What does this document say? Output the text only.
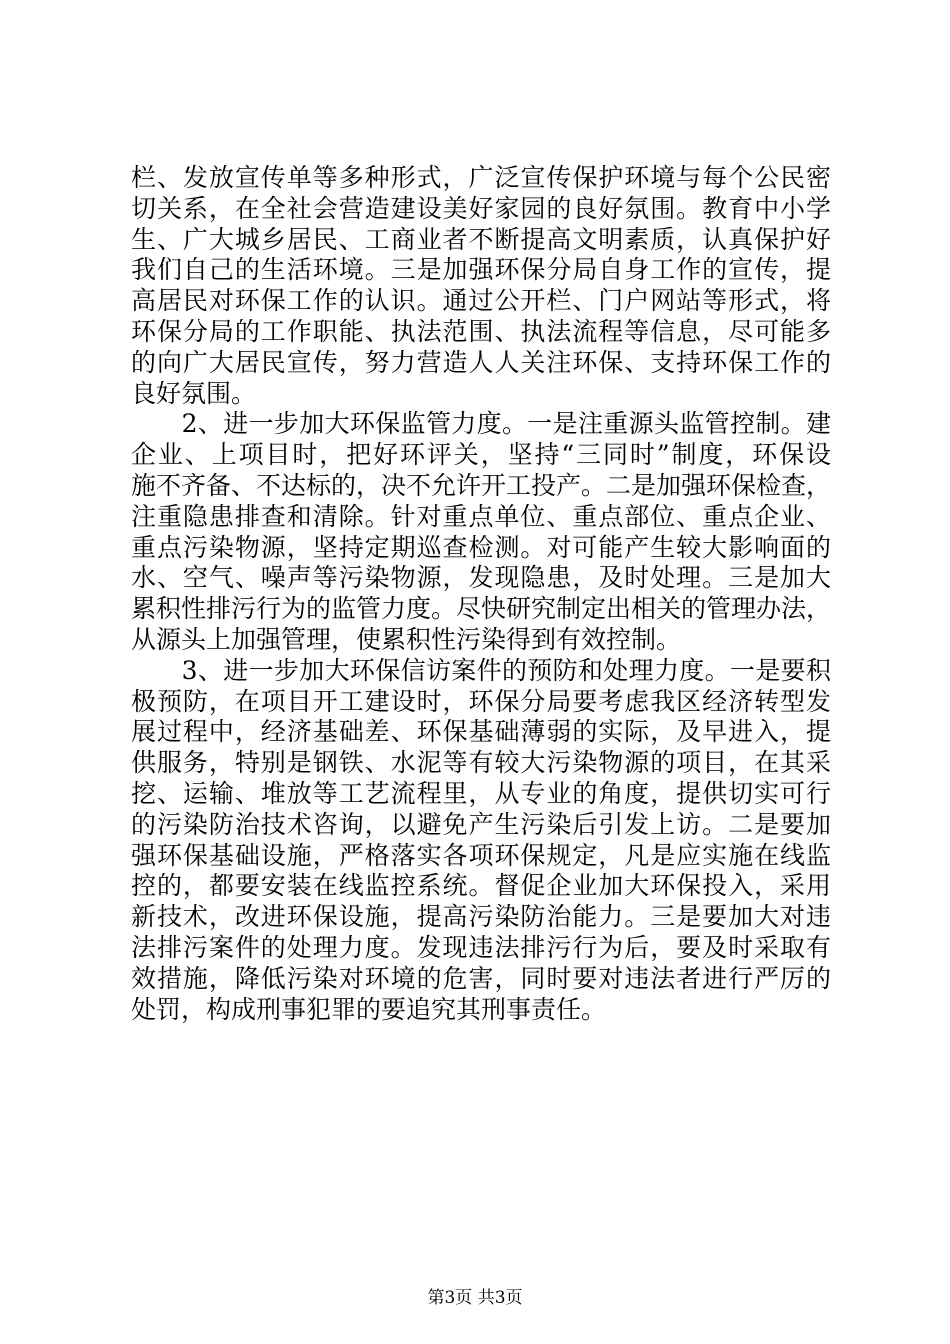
栏、发放宣传单等多种形式，广泛宣传保护环境与每个公民密
切关系，在全社会营造建设美好家园的良好氛围。教育中小学
生、广大城乡居民、工商业者不断提高文明素质，认真保护好
我们自己的生活环境。三是加强环保分局自身工作的宣传，提
高居民对环保工作的认识。通过公开栏、门户网站等形式，将
环保分局的工作职能、执法范围、执法流程等信息，尽可能多
的向广大居民宣传，努力营造人人关注环保、支持环保工作的
良好氛围。
　　2、进一步加大环保监管力度。一是注重源头监管控制。建
企业、上项目时，把好环评关，坚持“三同时”制度，环保设
施不齐备、不达标的，决不允许开工投产。二是加强环保检查，
注重隐患排查和清除。针对重点单位、重点部位、重点企业、
重点污染物源，坚持定期巡查检测。对可能产生较大影响面的
水、空气、噪声等污染物源，发现隐患，及时处理。三是加大
累积性排污行为的监管力度。尽快研究制定出相关的管理办法，
从源头上加强管理，使累积性污染得到有效控制。
　　3、进一步加大环保信访案件的预防和处理力度。一是要积
极预防，在项目开工建设时，环保分局要考虑我区经济转型发
展过程中，经济基础差、环保基础薄弱的实际，及早进入，提
供服务，特别是钢铁、水泥等有较大污染物源的项目，在其采
挖、运输、堆放等工艺流程里，从专业的角度，提供切实可行
的污染防治技术咨询，以避免产生污染后引发上访。二是要加
强环保基础设施，严格落实各项环保规定，凡是应实施在线监
控的，都要安装在线监控系统。督促企业加大环保投入，采用
新技术，改进环保设施，提高污染防治能力。三是要加大对违
法排污案件的处理力度。发现违法排污行为后，要及时采取有
效措施，降低污染对环境的危害，同时要对违法者进行严厉的
处罚，构成刑事犯罪的要追究其刑事责任。
第3页 共3页
